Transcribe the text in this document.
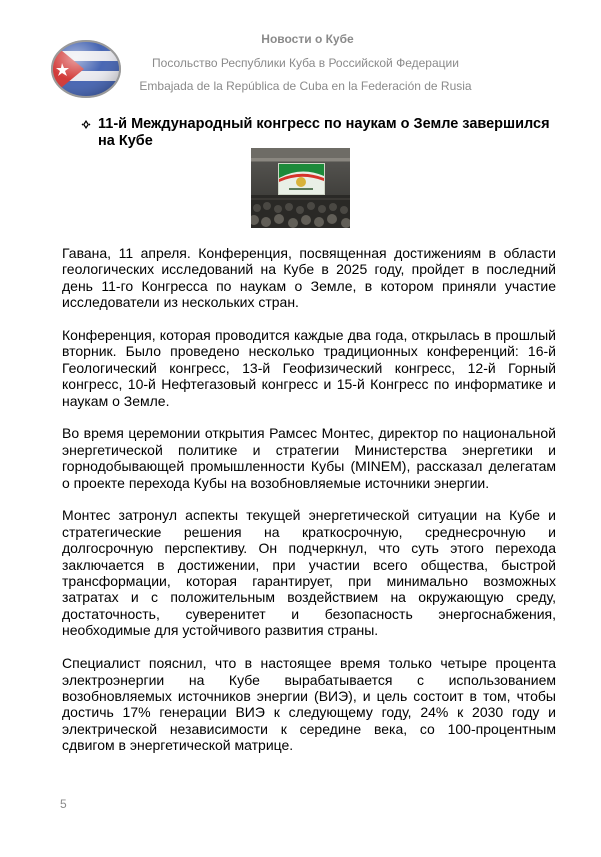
Новости о Кубе
Посольство Республики Куба в Российской Федерации
Embajada de la República de Cuba en la Federación de Rusia
11-й Международный конгресс по наукам о Земле завершился на Кубе

Гавана, 11 апреля. Конференция, посвященная достижениям в области геологических исследований на Кубе в 2025 году, пройдет в последний день 11-го Конгресса по наукам о Земле, в котором приняли участие исследователи из нескольких стран.

Конференция, которая проводится каждые два года, открылась в прошлый вторник. Было проведено несколько традиционных конференций: 16-й Геологический конгресс, 13-й Геофизический конгресс, 12-й Горный конгресс, 10-й Нефтегазовый конгресс и 15-й Конгресс по информатике и наукам о Земле.

Во время церемонии открытия Рамсес Монтес, директор по национальной энергетической политике и стратегии Министерства энергетики и горнодобывающей промышленности Кубы (MINEM), рассказал делегатам о проекте перехода Кубы на возобновляемые источники энергии.

Монтес затронул аспекты текущей энергетической ситуации на Кубе и стратегические решения на краткосрочную, среднесрочную и долгосрочную перспективу. Он подчеркнул, что суть этого перехода заключается в достижении, при участии всего общества, быстрой трансформации, которая гарантирует, при минимально возможных затратах и с положительным воздействием на окружающую среду, достаточность, суверенитет и безопасность энергоснабжения, необходимые для устойчивого развития страны.

Специалист пояснил, что в настоящее время только четыре процента электроэнергии на Кубе вырабатывается с использованием возобновляемых источников энергии (ВИЭ), и цель состоит в том, чтобы достичь 17% генерации ВИЭ к следующему году, 24% к 2030 году и электрической независимости к середине века, со 100-процентным сдвигом в энергетической матрице.

5
